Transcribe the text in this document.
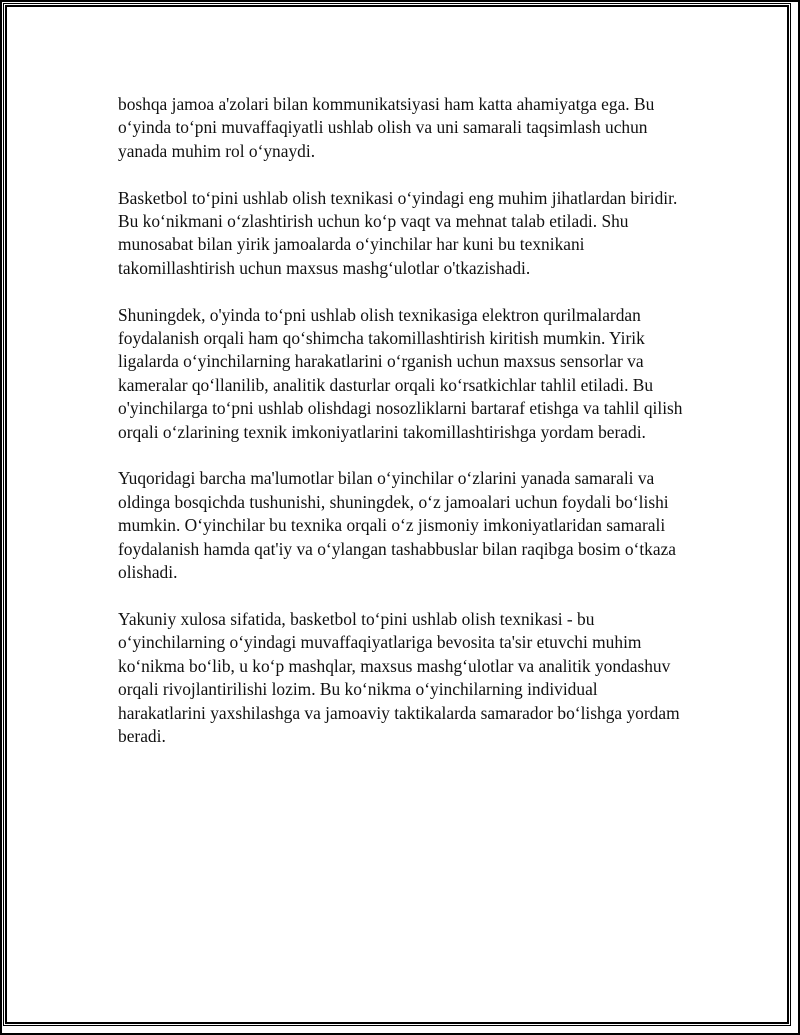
boshqa jamoa a'zolari bilan kommunikatsiyasi ham katta ahamiyatga ega. Bu o‘yinda to‘pni muvaffaqiyatli ushlab olish va uni samarali taqsimlash uchun yanada muhim rol o‘ynaydi.

Basketbol to‘pini ushlab olish texnikasi o‘yindagi eng muhim jihatlardan biridir. Bu ko‘nikmani o‘zlashtirish uchun ko‘p vaqt va mehnat talab etiladi. Shu munosabat bilan yirik jamoalarda o‘yinchilar har kuni bu texnikani takomillashtirish uchun maxsus mashg‘ulotlar o'tkazishadi.

Shuningdek, o'yinda to‘pni ushlab olish texnikasiga elektron qurilmalardan foydalanish orqali ham qo‘shimcha takomillashtirish kiritish mumkin. Yirik ligalarda o‘yinchilarning harakatlarini o‘rganish uchun maxsus sensorlar va kameralar qo‘llanilib, analitik dasturlar orqali ko‘rsatkichlar tahlil etiladi. Bu o'yinchilarga to‘pni ushlab olishdagi nosozliklarni bartaraf etishga va tahlil qilish orqali o‘zlarining texnik imkoniyatlarini takomillashtirishga yordam beradi.

Yuqoridagi barcha ma'lumotlar bilan o‘yinchilar o‘zlarini yanada samarali va oldinga bosqichda tushunishi, shuningdek, o‘z jamoalari uchun foydali bo‘lishi mumkin. O‘yinchilar bu texnika orqali o‘z jismoniy imkoniyatlaridan samarali foydalanish hamda qat'iy va o‘ylangan tashabbuslar bilan raqibga bosim o‘tkaza olishadi.

Yakuniy xulosa sifatida, basketbol to‘pini ushlab olish texnikasi - bu o‘yinchilarning o‘yindagi muvaffaqiyatlariga bevosita ta'sir etuvchi muhim ko‘nikma bo‘lib, u ko‘p mashqlar, maxsus mashg‘ulotlar va analitik yondashuv orqali rivojlantirilishi lozim. Bu ko‘nikma o‘yinchilarning individual harakatlarini yaxshilashga va jamoaviy taktikalarda samarador bo‘lishga yordam beradi.
